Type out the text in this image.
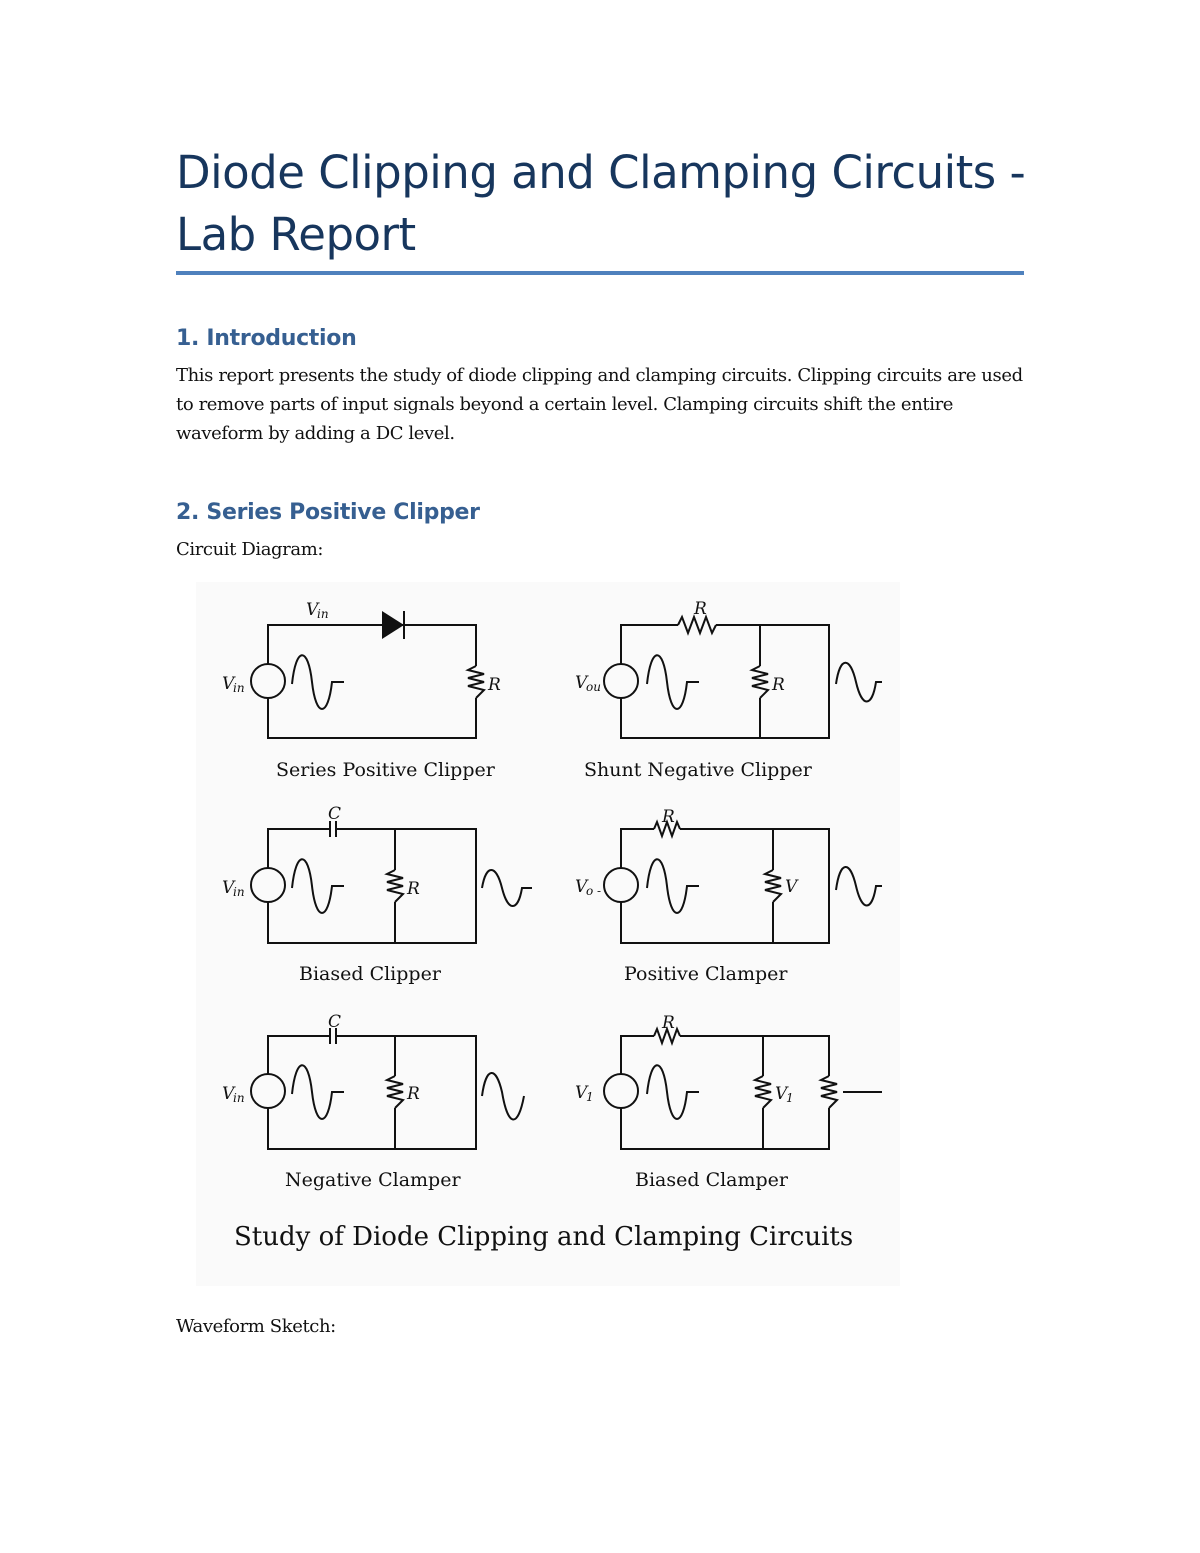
Diode Clipping and Clamping Circuits - Lab Report
1. Introduction

This report presents the study of diode clipping and clamping circuits. Clipping circuits are used to remove parts of input signals beyond a certain level. Clamping circuits shift the entire waveform by adding a DC level.

2. Series Positive Clipper

Circuit Diagram:

R
V
in
V
in
Series Positive Clipper
R
R
V
ou
Shunt Negative Clipper
C
R
V
in
Biased Clipper
R
V
V
o -
Positive Clamper
C
R
V
in
Negative Clamper
R
V
1
V
1
Biased Clamper
Study of Diode Clipping and Clamping Circuits

Waveform Sketch:
